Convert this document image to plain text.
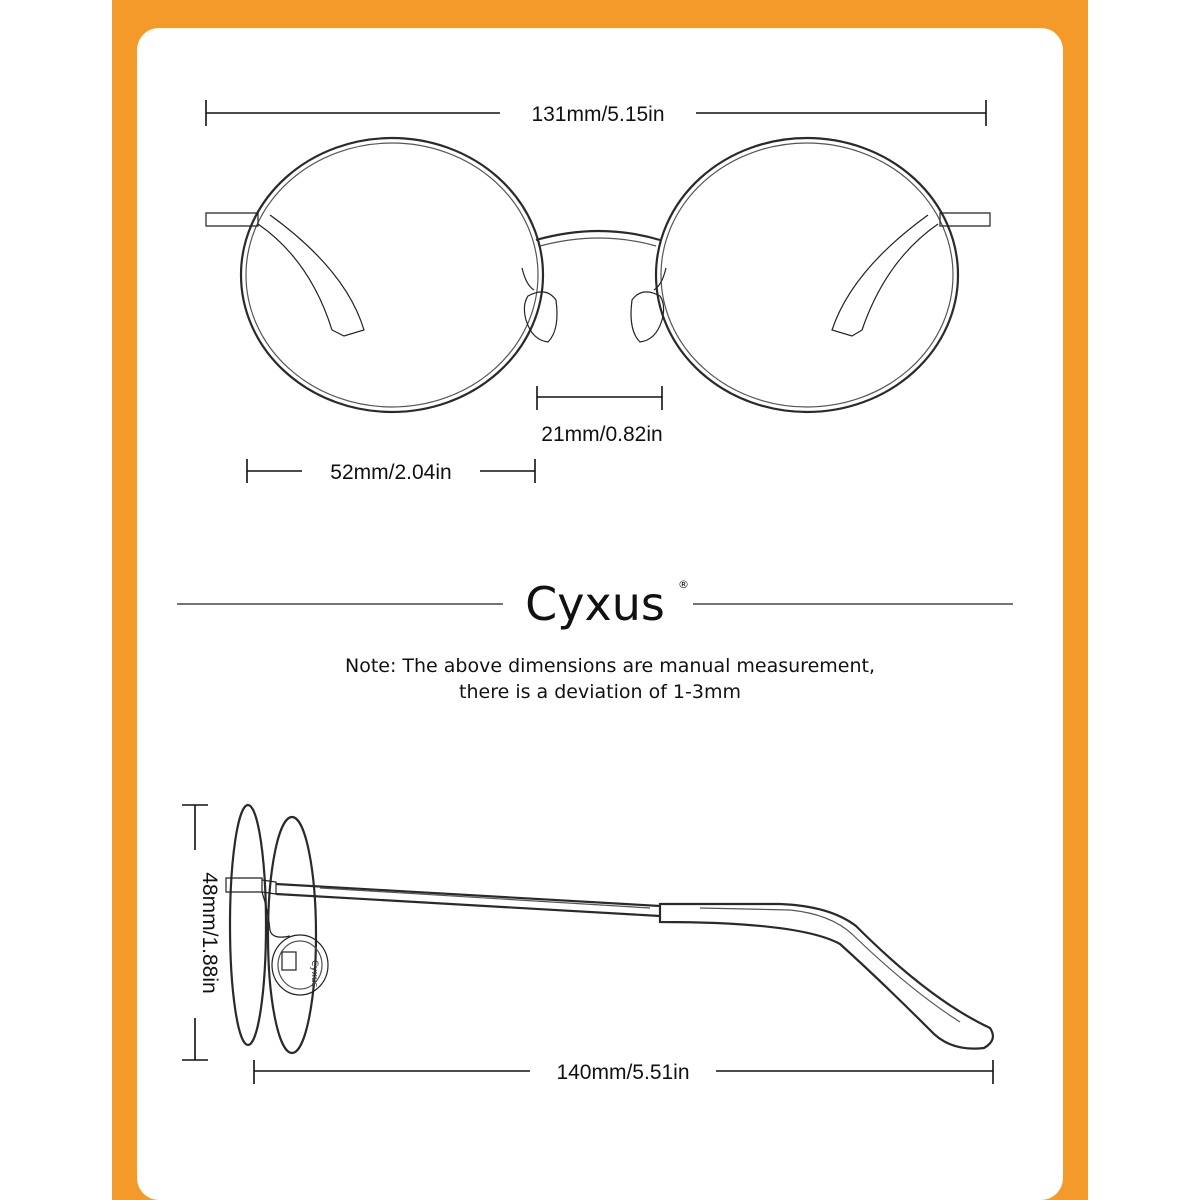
131mm/5.15in
21mm/0.82in
52mm/2.04in
Cyxus ®
Note: The above dimensions are manual measurement,
there is a deviation of 1-3mm
48mm/1.88in	Cyxus
140mm/5.51in
